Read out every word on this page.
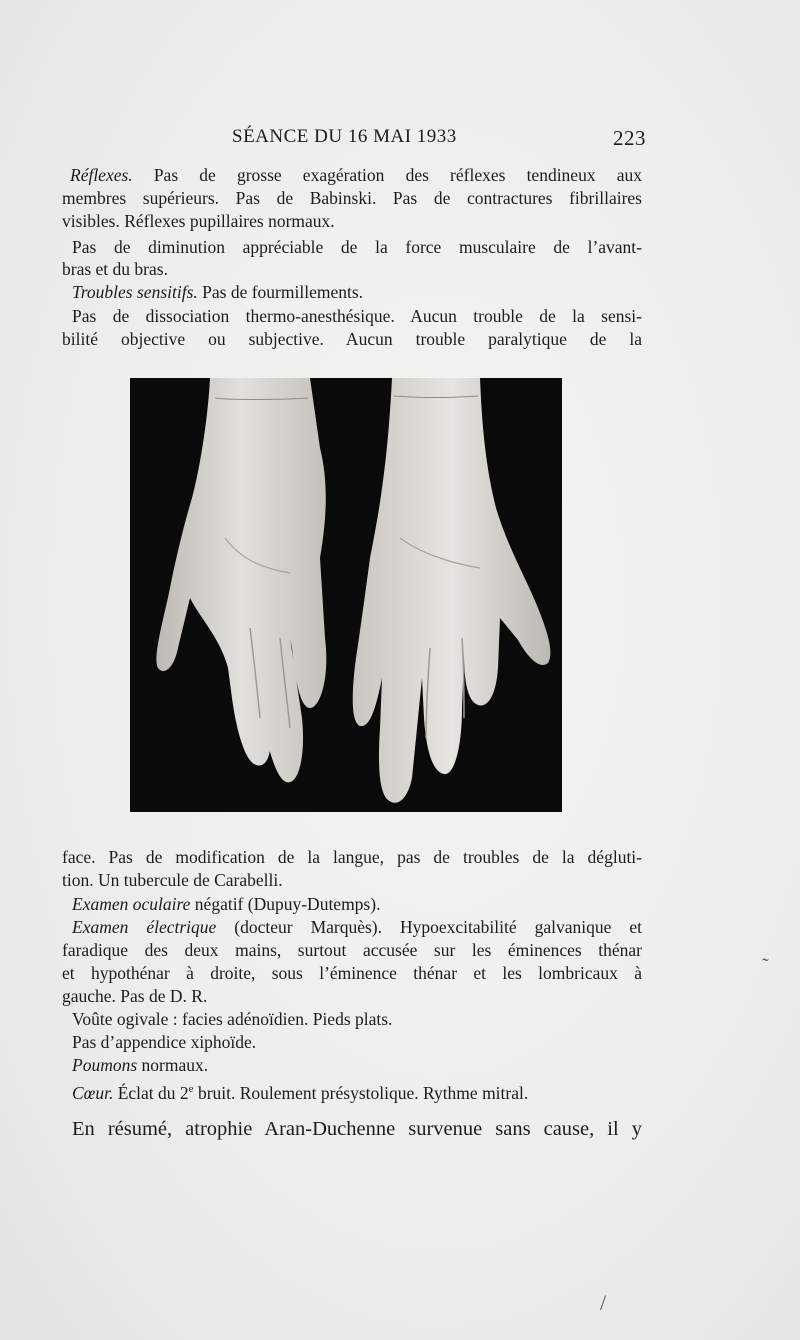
SÉANCE DU 16 MAI 1933	223
Réflexes. Pas de grosse exagération des réflexes tendineux aux
membres supérieurs. Pas de Babinski. Pas de contractures fibrillaires
visibles. Réflexes pupillaires normaux.
Pas de diminution appréciable de la force musculaire de l’avant-
bras et du bras.
Troubles sensitifs. Pas de fourmillements.
Pas de dissociation thermo-anesthésique. Aucun trouble de la sensi-
bilité objective ou subjective. Aucun trouble paralytique de la
face. Pas de modification de la langue, pas de troubles de la dégluti-
tion. Un tubercule de Carabelli.
Examen oculaire négatif (Dupuy-Dutemps).
Examen électrique (docteur Marquès). Hypoexcitabilité galvanique et
faradique des deux mains, surtout accusée sur les éminences thénar
et hypothénar à droite, sous l’éminence thénar et les lombricaux à
gauche. Pas de D. R.
Voûte ogivale : facies adénoïdien. Pieds plats.
Pas d’appendice xiphoïde.
Poumons normaux.
Cœur. Éclat du 2e bruit. Roulement présystolique. Rythme mitral.
En résumé, atrophie Aran-Duchenne survenue sans cause, il y
˜
/
